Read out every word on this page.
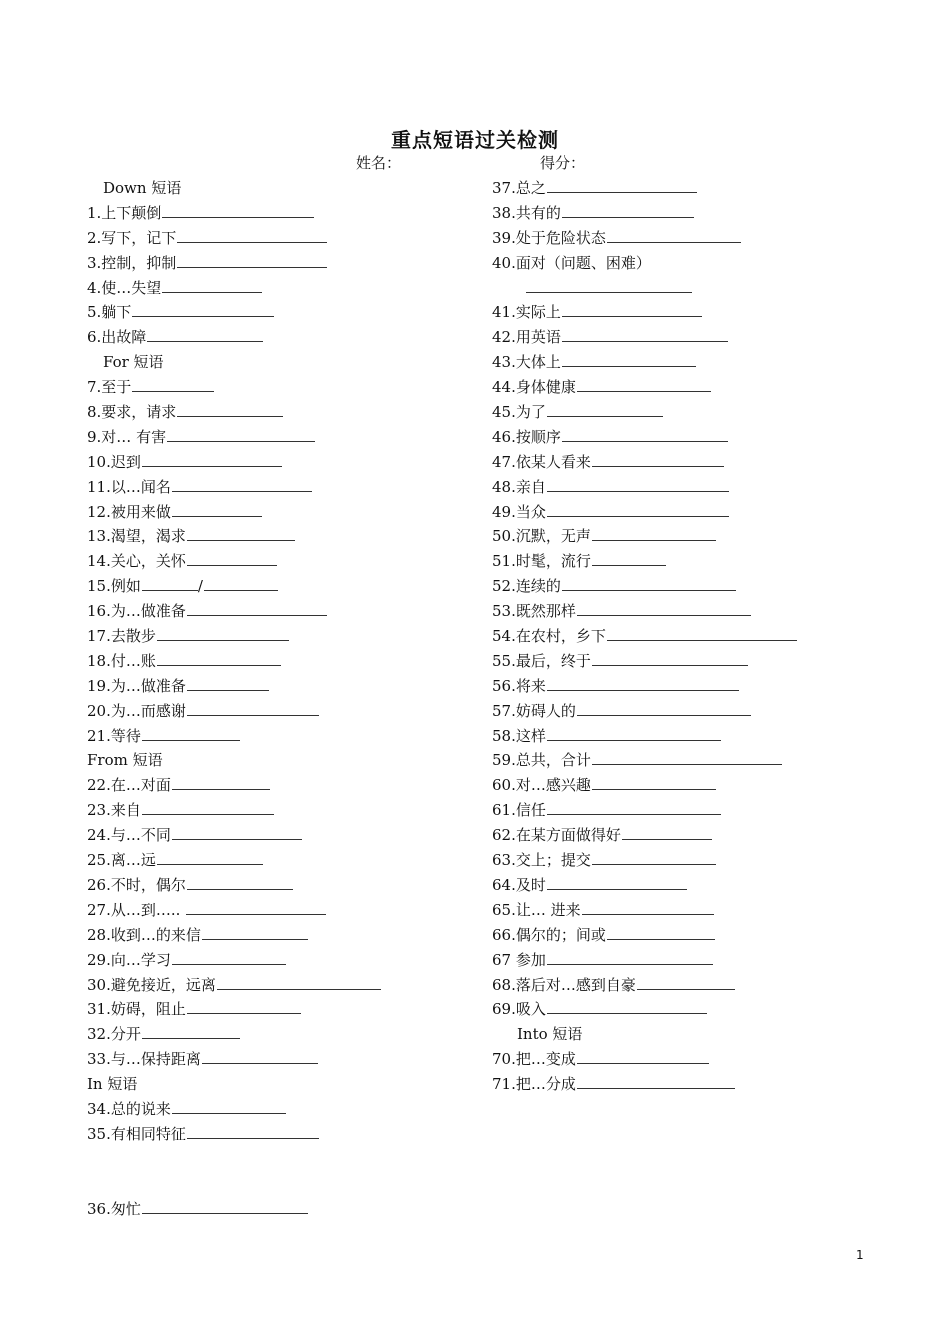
重点短语过关检测
姓名：	得分：
Down 短语
1.上下颠倒
2.写下，记下
3.控制，抑制
4.使…失望
5.躺下
6.出故障
For 短语
7.至于
8.要求，请求
9.对… 有害
10.迟到
11.以…闻名
12.被用来做
13.渴望，渴求
14.关心，关怀
15.例如	/
16.为…做准备
17.去散步
18.付…账
19.为…做准备
20.为…而感谢
21.等待
From 短语
22.在…对面
23.来自
24.与…不同
25.离…远
26.不时，偶尔
27.从…到…..
28.收到…的来信
29.向…学习
30.避免接近，远离
31.妨碍，阻止
32.分开
33.与…保持距离
In 短语
34.总的说来
35.有相同特征
36.匆忙
37.总之
38.共有的
39.处于危险状态
40.面对（问题、困难）
41.实际上
42.用英语
43.大体上
44.身体健康
45.为了
46.按顺序
47.依某人看来
48.亲自
49.当众
50.沉默，无声
51.时髦，流行
52.连续的
53.既然那样
54.在农村，乡下
55.最后，终于
56.将来
57.妨碍人的
58.这样
59.总共，合计
60.对…感兴趣
61.信任
62.在某方面做得好
63.交上；提交
64.及时
65.让… 进来
66.偶尔的；间或
67 参加
68.落后对…感到自豪
69.吸入
Into 短语
70.把…变成
71.把…分成
1
